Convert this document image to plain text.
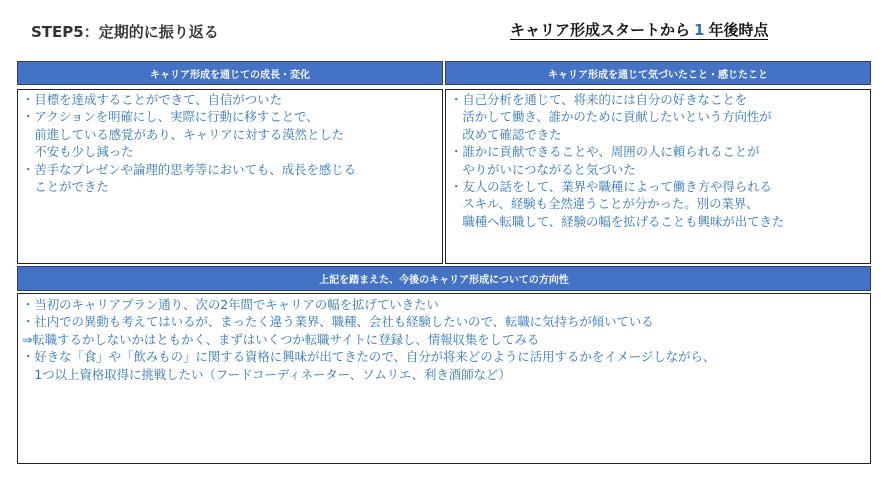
STEP5：定期的に振り返る	キャリア形成スタートから 1 年後時点
キャリア形成を通じての成長・変化
・目標を達成することができて、自信がついた
・アクションを明確にし、実際に行動に移すことで、
　前進している感覚があり、キャリアに対する漠然とした
　不安も少し減った
・苦手なプレゼンや論理的思考等においても、成長を感じる
　ことができた
キャリア形成を通じて気づいたこと・感じたこと
・自己分析を通じて、将来的には自分の好きなことを
　活かして働き、誰かのために貢献したいという方向性が
　改めて確認できた
・誰かに貢献できることや、周囲の人に頼られることが
　やりがいにつながると気づいた
・友人の話をして、業界や職種によって働き方や得られる
　スキル、経験も全然違うことが分かった。別の業界、
　職種へ転職して、経験の幅を拡げることも興味が出てきた
上記を踏まえた、今後のキャリア形成についての方向性
・当初のキャリアプラン通り、次の2年間でキャリアの幅を拡げていきたい
・社内での異動も考えてはいるが、まったく違う業界、職種、会社も経験したいので、転職に気持ちが傾いている
⇒転職するかしないかはともかく、まずはいくつか転職サイトに登録し、情報収集をしてみる
・好きな「食」や「飲みもの」に関する資格に興味が出てきたので、自分が将来どのように活用するかをイメージしながら、
　1つ以上資格取得に挑戦したい（フードコーディネーター、ソムリエ、利き酒師など）
